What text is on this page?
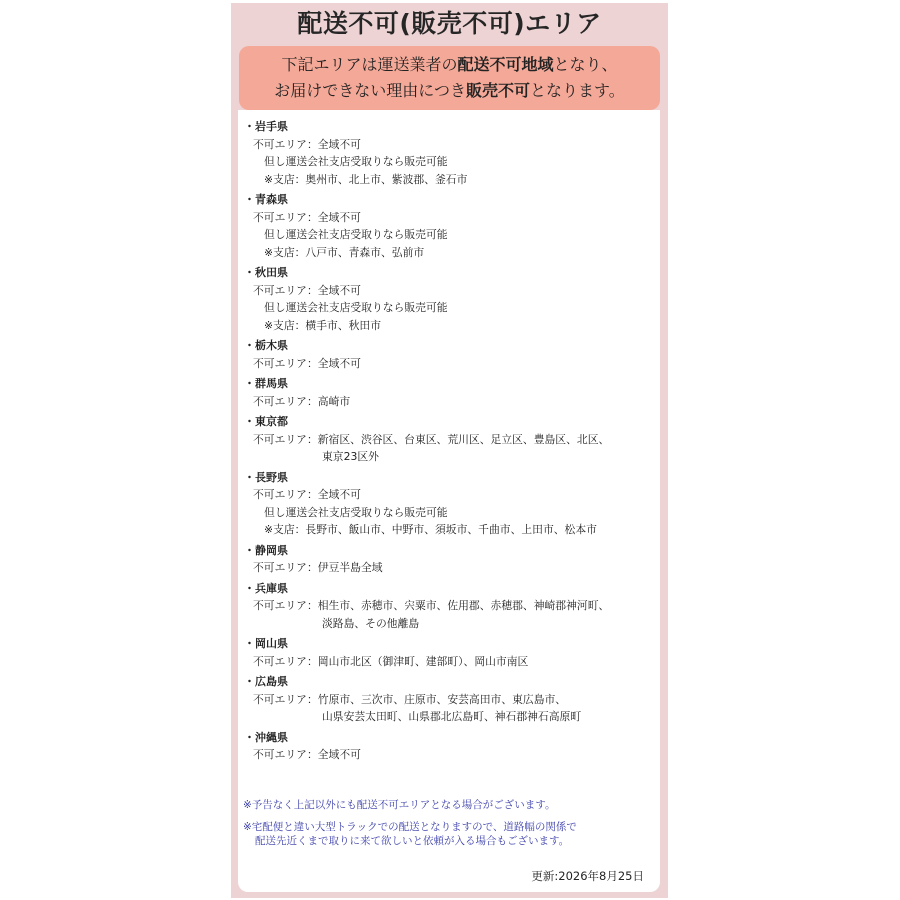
配送不可(販売不可)エリア
下記エリアは運送業者の配送不可地域となり、
お届けできない理由につき販売不可となります。
・岩手県
不可エリア：全域不可
但し運送会社支店受取りなら販売可能
※支店：奥州市、北上市、紫波郡、釜石市
・青森県
不可エリア：全域不可
但し運送会社支店受取りなら販売可能
※支店：八戸市、青森市、弘前市
・秋田県
不可エリア：全域不可
但し運送会社支店受取りなら販売可能
※支店：横手市、秋田市
・栃木県
不可エリア：全域不可
・群馬県
不可エリア：高崎市
・東京都
不可エリア：新宿区、渋谷区、台東区、荒川区、足立区、豊島区、北区、
東京23区外
・長野県
不可エリア：全域不可
但し運送会社支店受取りなら販売可能
※支店：長野市、飯山市、中野市、須坂市、千曲市、上田市、松本市
・静岡県
不可エリア：伊豆半島全域
・兵庫県
不可エリア：相生市、赤穂市、宍粟市、佐用郡、赤穂郡、神崎郡神河町、
淡路島、その他離島
・岡山県
不可エリア：岡山市北区（御津町、建部町）、岡山市南区
・広島県
不可エリア：竹原市、三次市、庄原市、安芸高田市、東広島市、
山県安芸太田町、山県郡北広島町、神石郡神石高原町
・沖縄県
不可エリア：全域不可
※予告なく上記以外にも配送不可エリアとなる場合がございます。
※宅配便と違い大型トラックでの配送となりますので、道路幅の関係で
配送先近くまで取りに来て欲しいと依頼が入る場合もございます。
更新:2026年8月25日
